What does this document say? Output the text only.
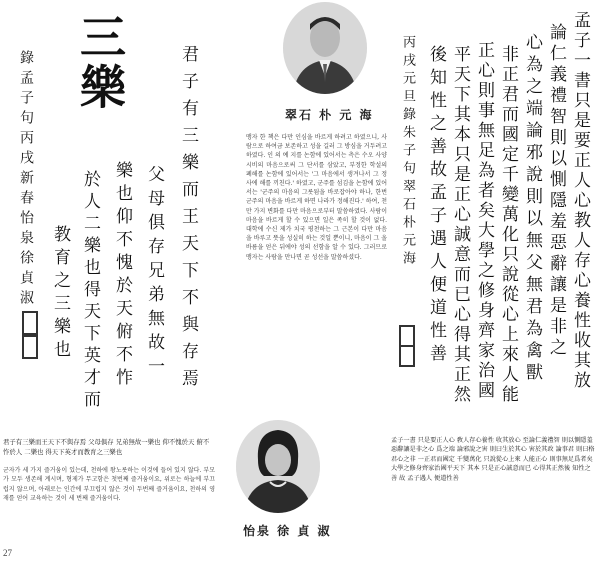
三樂	君子有三樂而王天下不與存焉
父母俱存兄弟無故一
樂也仰不愧於天俯不怍
於人二樂也得天下英才而
教育之三樂也
錄孟子句丙戌新春怡泉徐貞淑	翠石 朴 元 海
맹자 한 책은 다만 인심을 바르게 하려고 하였으니, 사람으로 하여금 보존하고 성을 길러 그 방심을 거두려고 하였다. 인 의 예 지를 논함에 있어서는 측은 수오 사양 시비의 마음으로써 그 단서를 삼았고, 부정한 학설의 폐해를 논함에 있어서는 '그 마음에서 생겨나서 그 정사에 해를 끼친다.' 하였고, 군주를 섬김을 논함에 있어서는 '군주의 마음의 그릇됨을 바로잡아야 하나, 한번 군주의 마음을 바르게 하면 나라가 정해진다.' 하여, 천만 가지 변화를 다만 마음으로부터 말씀하였다. 사람이 마음을 바르게 할 수 있으면 일은 족히 할 것이 없다. 대학에 수신 제가 치국 평천하는 그 근본이 다만 마음을 바루고 뜻을 성실히 하는 것일 뿐이니, 마음이 그 올바름을 얻은 뒤에야 성의 선함을 알 수 있다. 그러므로 맹자는 사람을 만나면 곧 성선을 말씀하셨다.	孟子一書只是要正人心教人存心養性收其放
論仁義禮智則以惻隱羞惡辭讓是非之
心為之端論邪說則以無父無君為禽獸
非正君而國定千變萬化只說從心上來人能
正心則事無足為者矣大學之修身齊家治國
平天下其本只是正心誠意而已心得其正然
後知性之善故孟子遇人便道性善
丙戌元旦錄朱子句翠石朴元海
君子有三樂而王天下不與存焉 父母俱存 兄弟無故一樂也 仰不愧於天 俯不怍於人 二樂也 得天下英才而教育之三樂也
군자가 세 가지 즐거움이 있는데, 천하에 왕노릇하는 이것에 들어 있지 않다. 부모가 모두 생존해 계시며, 형제가 무고함은 첫번째 즐거움이요, 위로는 하늘에 부끄럽지 않으며, 아래로는 인간에 부끄럽지 않은 것이 두번째 즐거움이요, 천하의 영재를 얻어 교육하는 것이 세 번째 즐거움이다.
怡泉 徐 貞 淑
孟子一書 只是要正人心 敎人存心養性 收其放心 至論仁義禮智 則以惻隱羞惡辭讓是非之心 爲之端 論邪說之害 則曰生於其心 害於其政 論事君 則曰格君心之非 一正君而國定 千變萬化 只說從心上來 人能正心 則事無足爲者矣 大學之修身齊家治國平天下 其本 只是正心誠意而已 心得其正然後 知性之善 故 孟子遇人 便道性善
27
